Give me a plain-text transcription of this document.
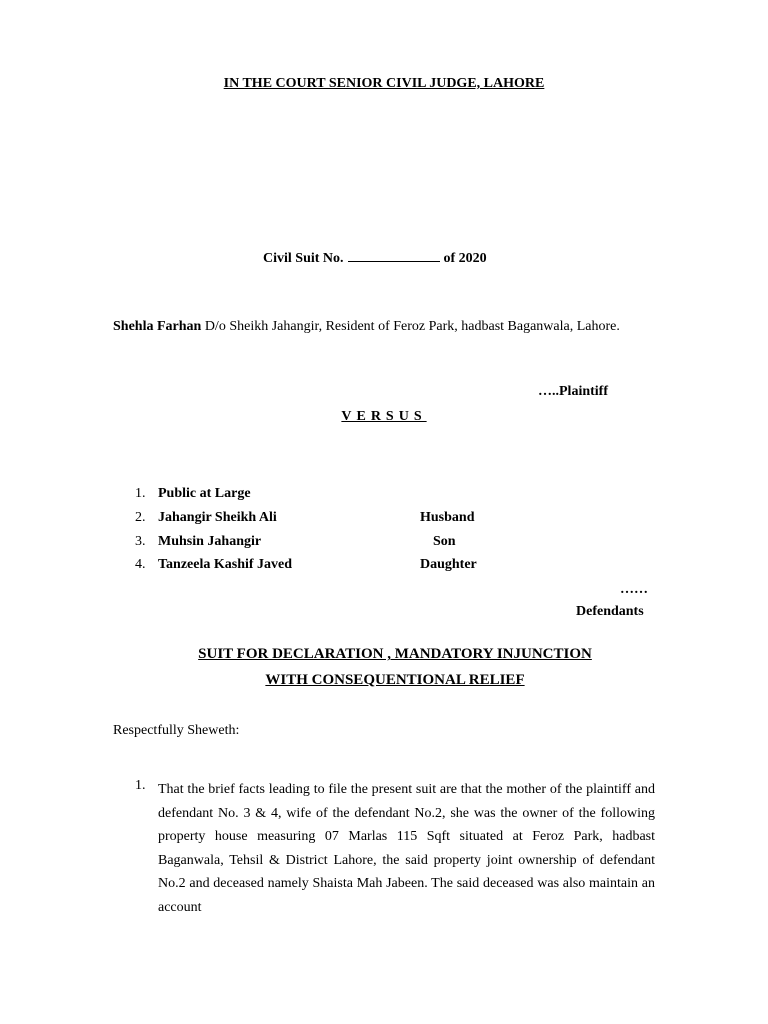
IN THE COURT SENIOR CIVIL JUDGE, LAHORE
Civil Suit No.	of 2020
Shehla Farhan D/o Sheikh Jahangir, Resident of Feroz Park, hadbast Baganwala, Lahore.
…..Plaintiff
VERSUS
1. Public at Large
2. Jahangir Sheikh Ali	Husband
3. Muhsin Jahangir	Son
4. Tanzeela Kashif Javed	Daughter
……
Defendants
SUIT FOR DECLARATION , MANDATORY INJUNCTION
WITH CONSEQUENTIONAL RELIEF
Respectfully Sheweth:
1. That the brief facts leading to file the present suit are that the mother of the plaintiff and defendant No. 3 & 4, wife of the defendant No.2, she was the owner of the following property house measuring 07 Marlas 115 Sqft situated at Feroz Park, hadbast Baganwala, Tehsil & District Lahore, the said property joint ownership of defendant No.2 and deceased namely Shaista Mah Jabeen. The said deceased was also maintain an account
